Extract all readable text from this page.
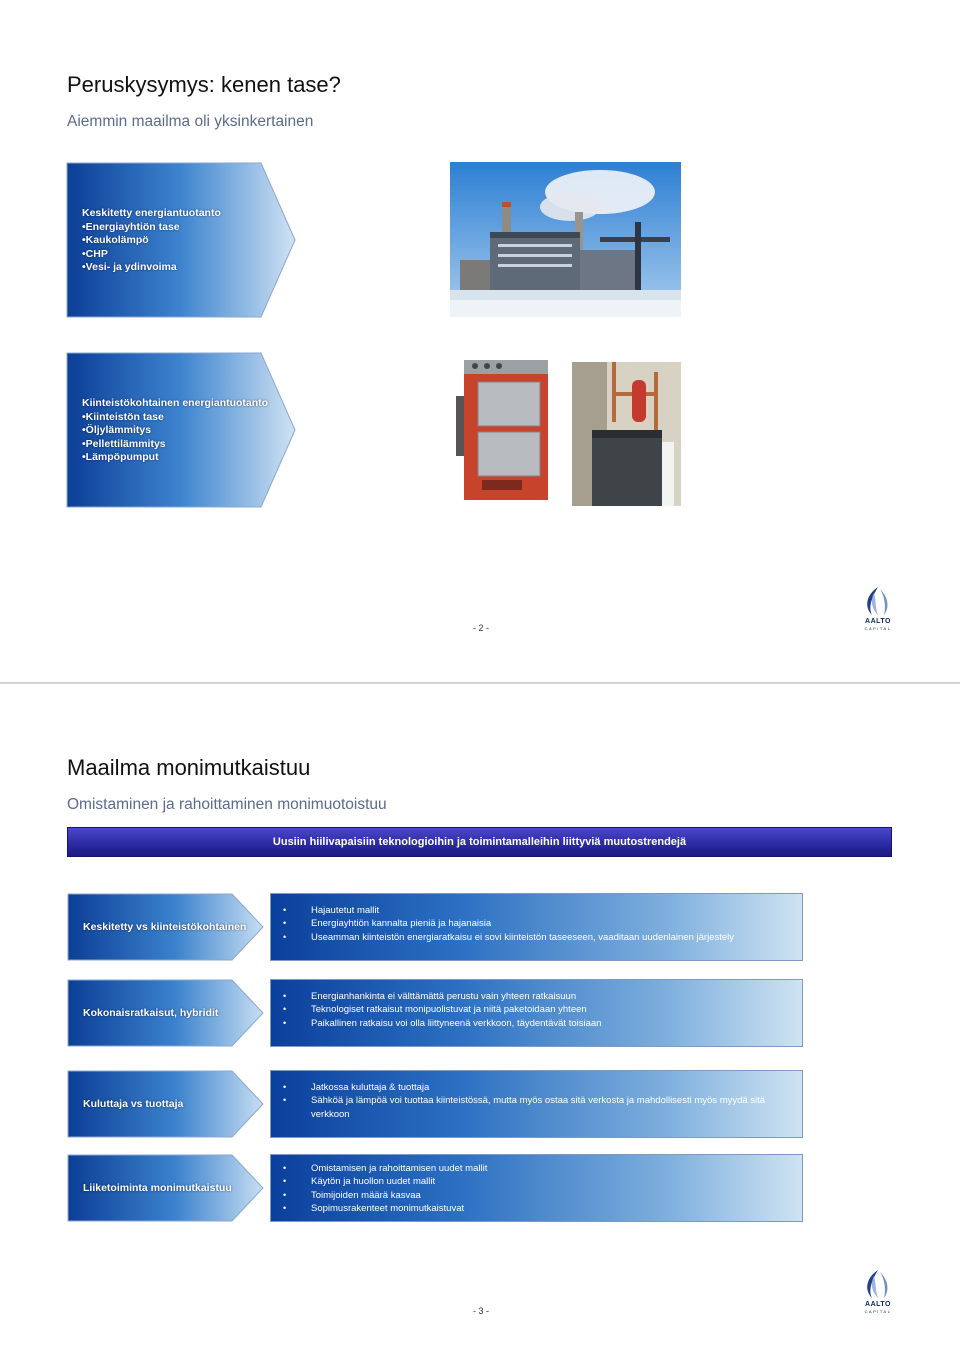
Peruskysymys: kenen tase?
Aiemmin maailma oli yksinkertainen
Keskitetty energiantuotanto
•Energiayhtiön tase
•Kaukolämpö
•CHP
•Vesi- ja ydinvoima
Kiinteistökohtainen energiantuotanto
•Kiinteistön tase
•Öljylämmitys
•Pellettilämmitys
•Lämpöpumput
- 2 -
AALTO
CAPITAL
Maailma monimutkaistuu
Omistaminen ja rahoittaminen monimuotoistuu
Uusiin hiilivapaisiin teknologioihin ja toimintamalleihin liittyviä muutostrendejä
Keskitetty vs kiinteistökohtainen
• Hajautetut mallit
• Energiayhtiön kannalta pieniä ja hajanaisia
• Useamman kiinteistön energiaratkaisu ei sovi kiinteistön taseeseen, vaaditaan uudenlainen järjestely
Kokonaisratkaisut, hybridit
• Energianhankinta ei välttämättä perustu vain yhteen ratkaisuun
• Teknologiset ratkaisut monipuolistuvat ja niitä paketoidaan yhteen
• Paikallinen ratkaisu voi olla liittyneenä verkkoon, täydentävät toisiaan
Kuluttaja vs tuottaja
• Jatkossa kuluttaja & tuottaja
• Sähköä ja lämpöä voi tuottaa kiinteistössä, mutta myös ostaa sitä verkosta ja mahdollisesti myös myydä sitä verkkoon
Liiketoiminta monimutkaistuu
• Omistamisen ja rahoittamisen uudet mallit
• Käytön ja huollon uudet mallit
• Toimijoiden määrä kasvaa
• Sopimusrakenteet monimutkaistuvat
- 3 -
AALTO
CAPITAL
